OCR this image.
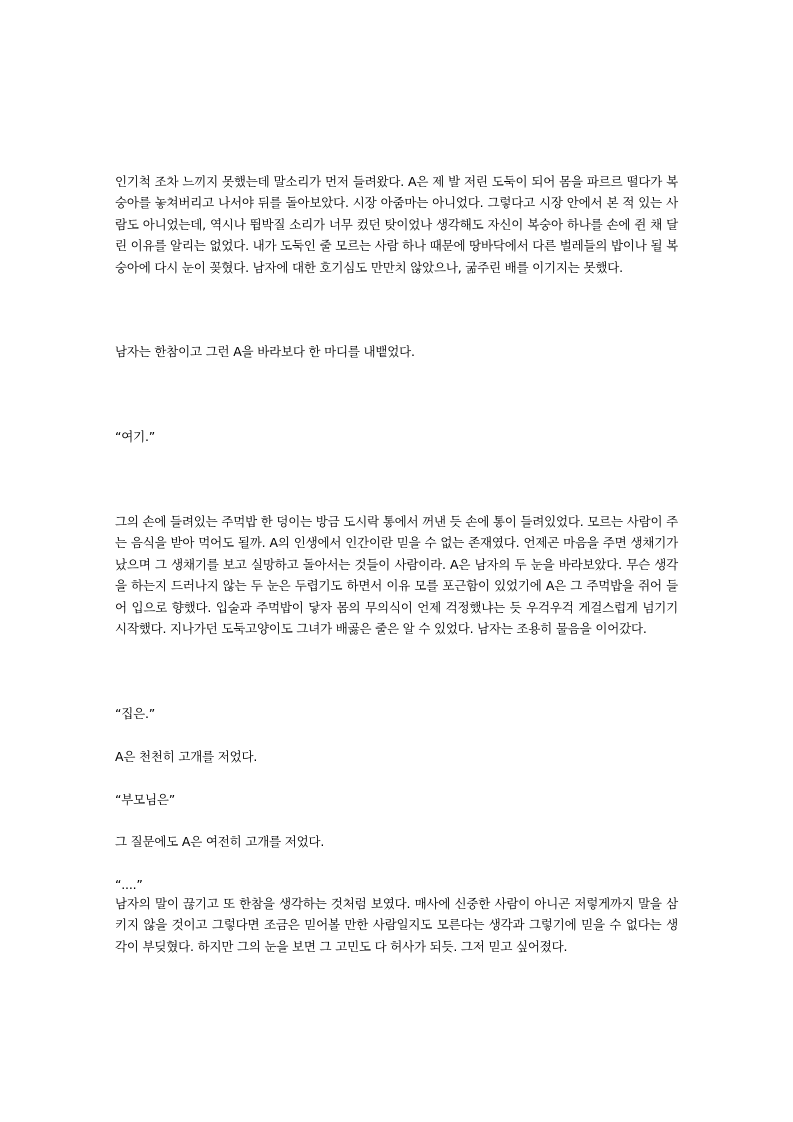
인기척 조차 느끼지 못했는데 말소리가 먼저 들려왔다. A은 제 발 저린 도둑이 되어 몸을 파르르 떨다가 복숭아를 놓쳐버리고 나서야 뒤를 돌아보았다. 시장 아줌마는 아니었다. 그렇다고 시장 안에서 본 적 있는 사람도 아니었는데, 역시나 뜀박질 소리가 너무 컸던 탓이었나 생각해도 자신이 복숭아 하나를 손에 쥔 채 달린 이유를 알리는 없었다. 내가 도둑인 줄 모르는 사람 하나 때문에 땅바닥에서 다른 벌레들의 밥이나 될 복숭아에 다시 눈이 꽂혔다. 남자에 대한 호기심도 만만치 않았으나, 굶주린 배를 이기지는 못했다.
남자는 한참이고 그런 A을 바라보다 한 마디를 내뱉었다.
“여기.”
그의 손에 들려있는 주먹밥 한 덩이는 방금 도시락 통에서 꺼낸 듯 손에 통이 들려있었다. 모르는 사람이 주는 음식을 받아 먹어도 될까. A의 인생에서 인간이란 믿을 수 없는 존재였다. 언제곤 마음을 주면 생채기가 났으며 그 생채기를 보고 실망하고 돌아서는 것들이 사람이라. A은 남자의 두 눈을 바라보았다. 무슨 생각을 하는지 드러나지 않는 두 눈은 두렵기도 하면서 이유 모를 포근함이 있었기에 A은 그 주먹밥을 쥐어 들어 입으로 향했다. 입술과 주먹밥이 닿자 몸의 무의식이 언제 걱정했냐는 듯 우걱우걱 게걸스럽게 넘기기 시작했다. 지나가던 도둑고양이도 그녀가 배곯은 줄은 알 수 있었다. 남자는 조용히 물음을 이어갔다.
“집은.”
A은 천천히 고개를 저었다.
“부모님은”
그 질문에도 A은 여전히 고개를 저었다.
“....”
남자의 말이 끊기고 또 한참을 생각하는 것처럼 보였다. 매사에 신중한 사람이 아니곤 저렇게까지 말을 삼키지 않을 것이고 그렇다면 조금은 믿어볼 만한 사람일지도 모른다는 생각과 그렇기에 믿을 수 없다는 생각이 부딪혔다. 하지만 그의 눈을 보면 그 고민도 다 허사가 되듯. 그저 믿고 싶어졌다.
